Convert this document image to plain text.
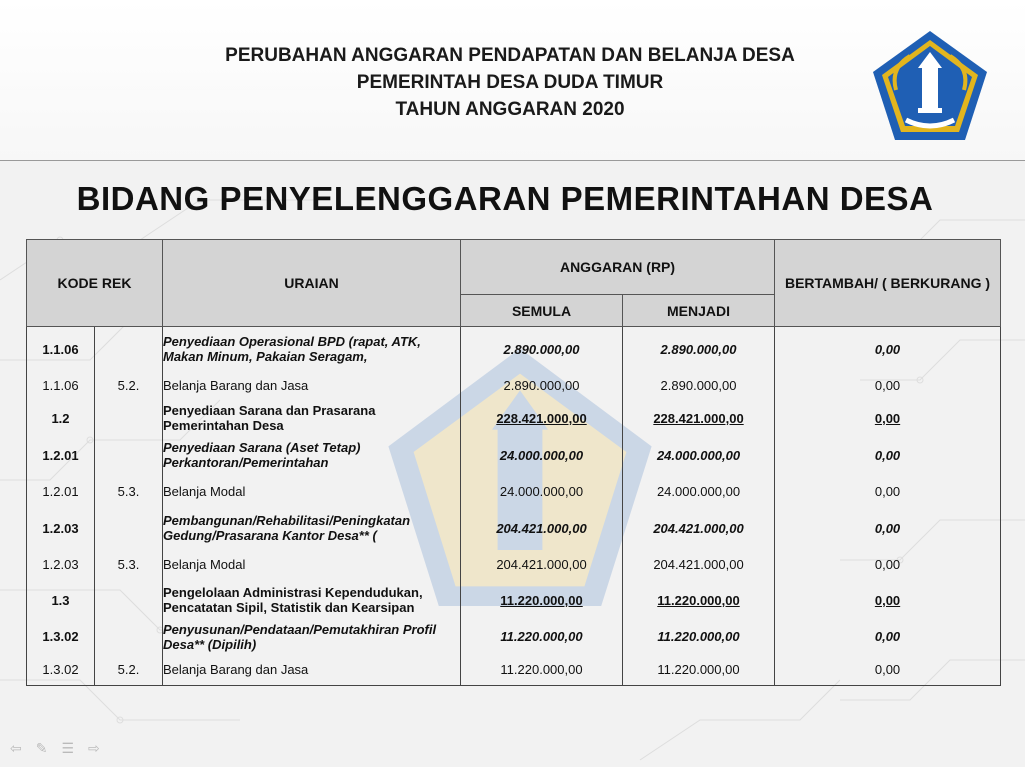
PERUBAHAN ANGGARAN PENDAPATAN DAN BELANJA DESA
PEMERINTAH DESA DUDA TIMUR
TAHUN ANGGARAN 2020
BIDANG PENYELENGGARAN PEMERINTAHAN DESA
KODE REK		URAIAN	ANGGARAN (RP)		BERTAMBAH/ ( BERKURANG )
			SEMULA	MENJADI	
1.1.06		Penyediaan Operasional BPD (rapat, ATK, Makan Minum, Pakaian Seragam,	2.890.000,00	2.890.000,00	0,00
1.1.06	5.2.	Belanja Barang dan Jasa	2.890.000,00	2.890.000,00	0,00
1.2		Penyediaan Sarana dan Prasarana Pemerintahan Desa	228.421.000,00	228.421.000,00	0,00
1.2.01		Penyediaan Sarana (Aset Tetap) Perkantoran/Pemerintahan	24.000.000,00	24.000.000,00	0,00
1.2.01	5.3.	Belanja Modal	24.000.000,00	24.000.000,00	0,00
1.2.03		Pembangunan/Rehabilitasi/Peningkatan Gedung/Prasarana Kantor Desa** (	204.421.000,00	204.421.000,00	0,00
1.2.03	5.3.	Belanja Modal	204.421.000,00	204.421.000,00	0,00
1.3		Pengelolaan Administrasi Kependudukan, Pencatatan Sipil, Statistik dan Kearsipan	11.220.000,00	11.220.000,00	0,00
1.3.02		Penyusunan/Pendataan/Pemutakhiran Profil Desa** (Dipilih)	11.220.000,00	11.220.000,00	0,00
1.3.02	5.2.	Belanja Barang dan Jasa	11.220.000,00	11.220.000,00	0,00
⇦ ✎ ☰ ⇨
